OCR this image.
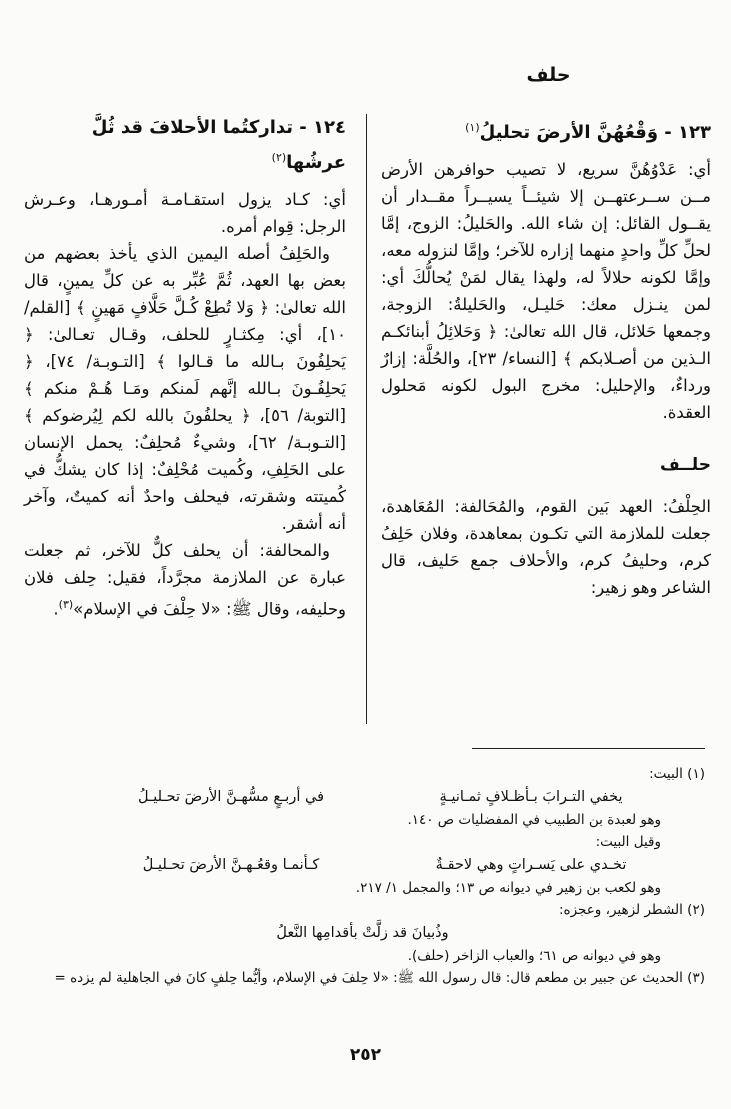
حلف
١٢٣ - وَقْعُهُنَّ الأرضَ تحليلُ$^{(١)}$

أي: عَدْوُهُنَّ سريع، لا تصيب حوافرهن الأرض مــن ســرعتهــن إلا شيئــاً يسيــراً مقــدار أن يقــول القائل: إن شاء الله. والحَليلُ: الزوج، إمَّا لحلِّ كلِّ واحدٍ منهما إزاره للآخر؛ وإمَّا لنزوله معه، وإمَّا لكونه حلالاً له، ولهذا يقال لمَنْ يُحالُّكَ أي: لمن ينـزل معك: حَليـل، والحَليلةُ: الزوجة، وجمعها حَلائل، قال الله تعالىٰ: ﴿ وَحَلائِلُ أبنائكـم الـذين من أصـلابكم ﴾ [النساء/ ٢٣]، والحُلَّة: إزارٌ ورداءٌ، والإحليل: مخرج البول لكونه مَحلول العقدة.

حلــف

الحِلْفُ: العهد بَين القوم، والمُحَالفة: المُعَاهدة، جعلت للملازمة التي تكـون بمعاهدة، وفلان حَلِفُ كرم، وحليفُ كرم، والأحلاف جمع حَليف، قال الشاعر وهو زهير:

١٢٤ - تداركتُما الأحلافَ قد ثُلَّ عرشُها$^{(٢)}$

أي: كـاد يزول استقـامـة أمـورهـا، وعـرش الرجل: قِوام أمره.

والحَلِفُ أصله اليمين الذي يأخذ بعضهم من بعض بها العهد، ثُمَّ عُبِّر به عن كلِّ يمينٍ، قال الله تعالىٰ: ﴿ وَلا تُطِعْ كُـلَّ حَلَّافٍ مَهينٍ ﴾ [القلم/ ١٠]، أي: مِكثـارٍ للحلف، وقـال تعـالىٰ: ﴿ يَحلِفُونَ بـالله ما قـالوا ﴾ [التـوبـة/ ٧٤]، ﴿ يَحلِفُـونَ بـالله إنَّهم لَمنكم ومَـا هُـمْ منكم ﴾ [التوبة/ ٥٦]، ﴿ يحلفُونَ بالله لكم لِيُرضوكم ﴾ [التـوبـة/ ٦٢]، وشيءٌ مُحلِفٌ: يحمل الإنسان على الحَلِفِ، وكُميت مُحْلِفٌ: إذا كان يشكُّ في كُميتته وشقرته، فيحلف واحدٌ أنه كميتٌ، وآخر أنه أشقر.

والمحالفة: أن يحلف كلٌّ للآخر، ثم جعلت عبارة عن الملازمة مجرَّداً، فقيل: حِلف فلان وحليفه، وقال ﷺ: «لا حِلْفَ في الإسلام»$^{(٣)}$.

(١) البيت:
يخفي التـرابَ بـأظـلافٍ ثمـانيـةٍ
في أربـعٍ مسُّهـنَّ الأرضَ تحـليـلُ
وهو لعبدة بن الطبيب في المفضليات ص ١٤٠.
وقيل البيت:
تخـدي على يَسـراتٍ وهي لاحقـةٌ
كـأنمـا وقعُـهـنَّ الأرضَ تحـليـلُ
وهو لكعب بن زهير في ديوانه ص ١٣؛ والمجمل ١/ ٢١٧.
(٢) الشطر لزهير، وعجزه:
وذُبيانَ قد زلَّتْ بأقدامِها النَّعلُ
وهو في ديوانه ص ٦١؛ والعباب الزاخر (حلف).
(٣) الحديث عن جبير بن مطعم قال: قال رسول الله ﷺ: «لا حِلفَ في الإسلام، وأيُّما حِلفٍ كانَ في الجاهلية لم يزده =
٢٥٢
